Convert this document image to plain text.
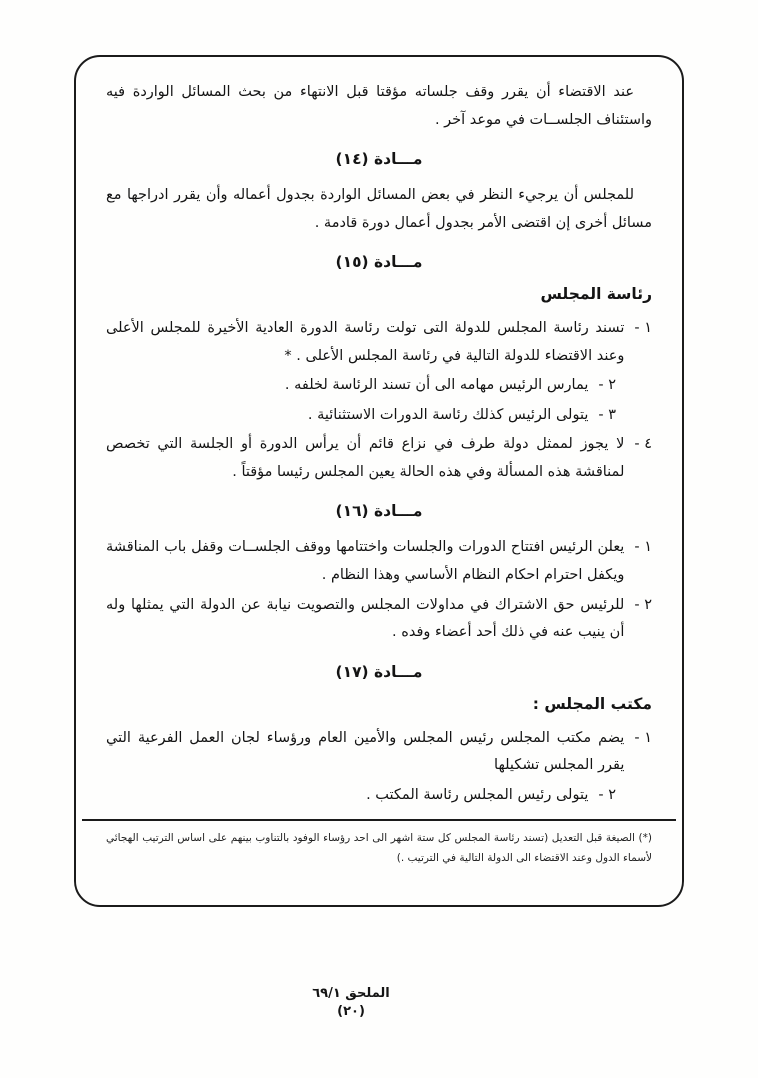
عند الاقتضاء أن يقرر وقف جلساته مؤقتا قبل الانتهاء من بحث المسائل الواردة فيه واستئناف الجلســات في موعد آخر .

مـــادة (١٤)

للمجلس أن يرجيء النظر في بعض المسائل الواردة بجدول أعماله وأن يقرر ادراجها مع مسائل أخرى إن اقتضى الأمر بجدول أعمال دورة قادمة .

مـــادة (١٥)
رئاسة المجلس
١ -
تسند رئاسة المجلس للدولة التى تولت رئاسة الدورة العادية الأخيرة للمجلس الأعلى وعند الاقتضاء للدولة التالية في رئاسة المجلس الأعلى . *
٢ -
يمارس الرئيس مهامه الى أن تسند الرئاسة لخلفه .
٣ -
يتولى الرئيس كذلك رئاسة الدورات الاستثنائية .
٤ -
لا يجوز لممثل دولة طرف في نزاع قائم أن يرأس الدورة أو الجلسة التي تخصص لمناقشة هذه المسألة وفي هذه الحالة يعين المجلس رئيسا مؤقتاً .
مـــادة (١٦)
١ -
يعلن الرئيس افتتاح الدورات والجلسات واختتامها ووقف الجلســات وقفل باب المناقشة ويكفل احترام احكام النظام الأساسي وهذا النظام .
٢ -
للرئيس حق الاشتراك في مداولات المجلس والتصويت نيابة عن الدولة التي يمثلها وله أن ينيب عنه في ذلك أحد أعضاء وفده .
مـــادة (١٧)
مكتب المجلس :
١ -
يضم مكتب المجلس رئيس المجلس والأمين العام ورؤساء لجان العمل الفرعية التي يقرر المجلس تشكيلها
٢ -
يتولى رئيس المجلس رئاسة المكتب .

(*) الصيغة قبل التعديل (تسند رئاسة المجلس كل ستة اشهر الى احد رؤساء الوفود بالتناوب بينهم على اساس الترتيب الهجائي لأسماء الدول وعند الاقتضاء الى الدولة التالية في الترتيب .)

الملحق ٦٩/١
(٢٠)
